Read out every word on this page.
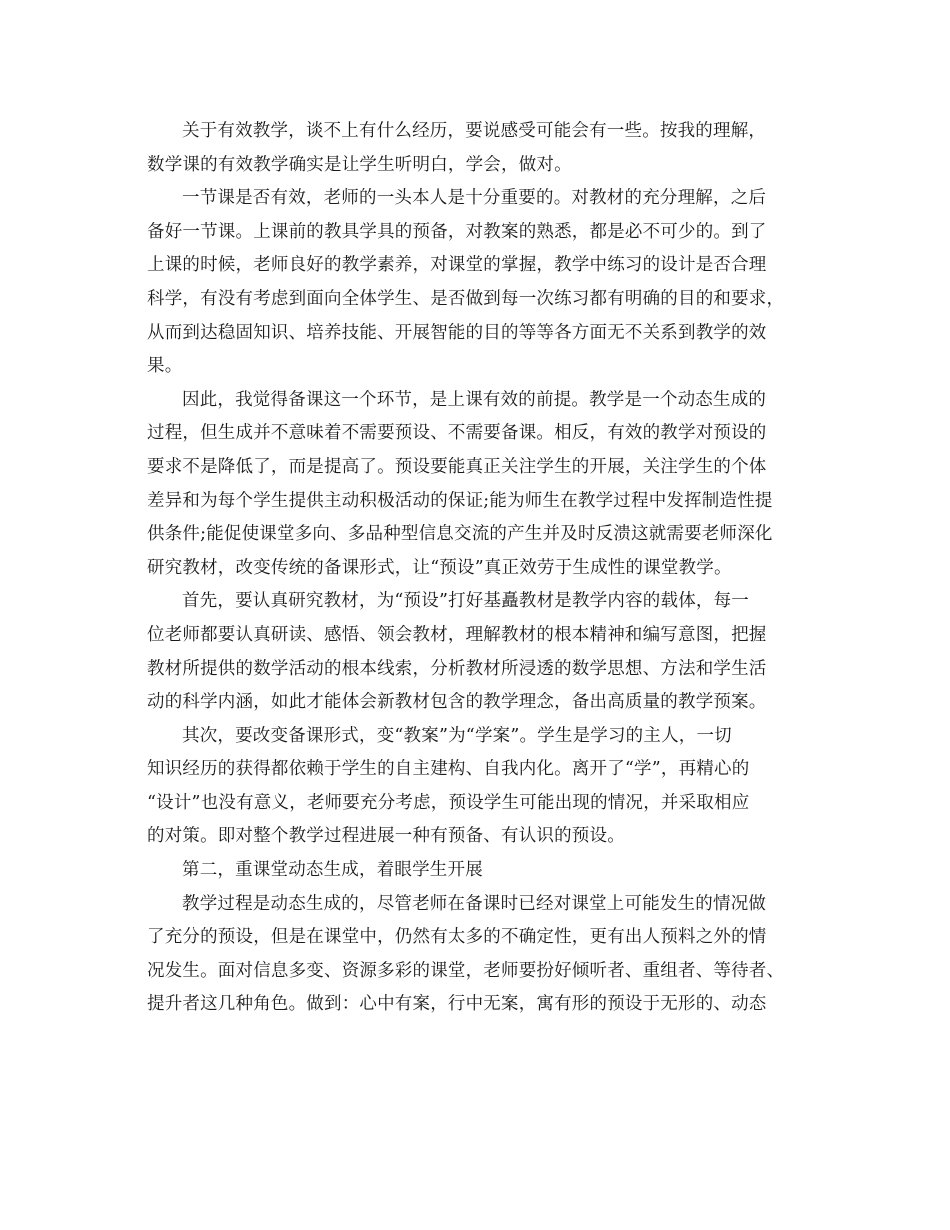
关于有效教学，谈不上有什么经历，要说感受可能会有一些。按我的理解，
数学课的有效教学确实是让学生听明白，学会，做对。
一节课是否有效，老师的一头本人是十分重要的。对教材的充分理解，之后
备好一节课。上课前的教具学具的预备，对教案的熟悉，都是必不可少的。到了
上课的时候，老师良好的教学素养，对课堂的掌握，教学中练习的设计是否合理
科学，有没有考虑到面向全体学生、是否做到每一次练习都有明确的目的和要求，
从而到达稳固知识、培养技能、开展智能的目的等等各方面无不关系到教学的效
果。
因此，我觉得备课这一个环节，是上课有效的前提。教学是一个动态生成的
过程，但生成并不意味着不需要预设、不需要备课。相反，有效的教学对预设的
要求不是降低了，而是提高了。预设要能真正关注学生的开展，关注学生的个体
差异和为每个学生提供主动积极活动的保证;能为师生在教学过程中发挥制造性提
供条件;能促使课堂多向、多品种型信息交流的产生并及时反溃这就需要老师深化
研究教材，改变传统的备课形式，让“预设”真正效劳于生成性的课堂教学。
首先，要认真研究教材，为“预设”打好基矗教材是教学内容的载体，每一
位老师都要认真研读、感悟、领会教材，理解教材的根本精神和编写意图，把握
教材所提供的数学活动的根本线索，分析教材所浸透的数学思想、方法和学生活
动的科学内涵，如此才能体会新教材包含的教学理念，备出高质量的教学预案。
其次，要改变备课形式，变“教案”为“学案”。学生是学习的主人，一切
知识经历的获得都依赖于学生的自主建构、自我内化。离开了“学”，再精心的
“设计”也没有意义，老师要充分考虑，预设学生可能出现的情况，并采取相应
的对策。即对整个教学过程进展一种有预备、有认识的预设。
第二，重课堂动态生成，着眼学生开展
教学过程是动态生成的，尽管老师在备课时已经对课堂上可能发生的情况做
了充分的预设，但是在课堂中，仍然有太多的不确定性，更有出人预料之外的情
况发生。面对信息多变、资源多彩的课堂，老师要扮好倾听者、重组者、等待者、
提升者这几种角色。做到：心中有案，行中无案，寓有形的预设于无形的、动态
